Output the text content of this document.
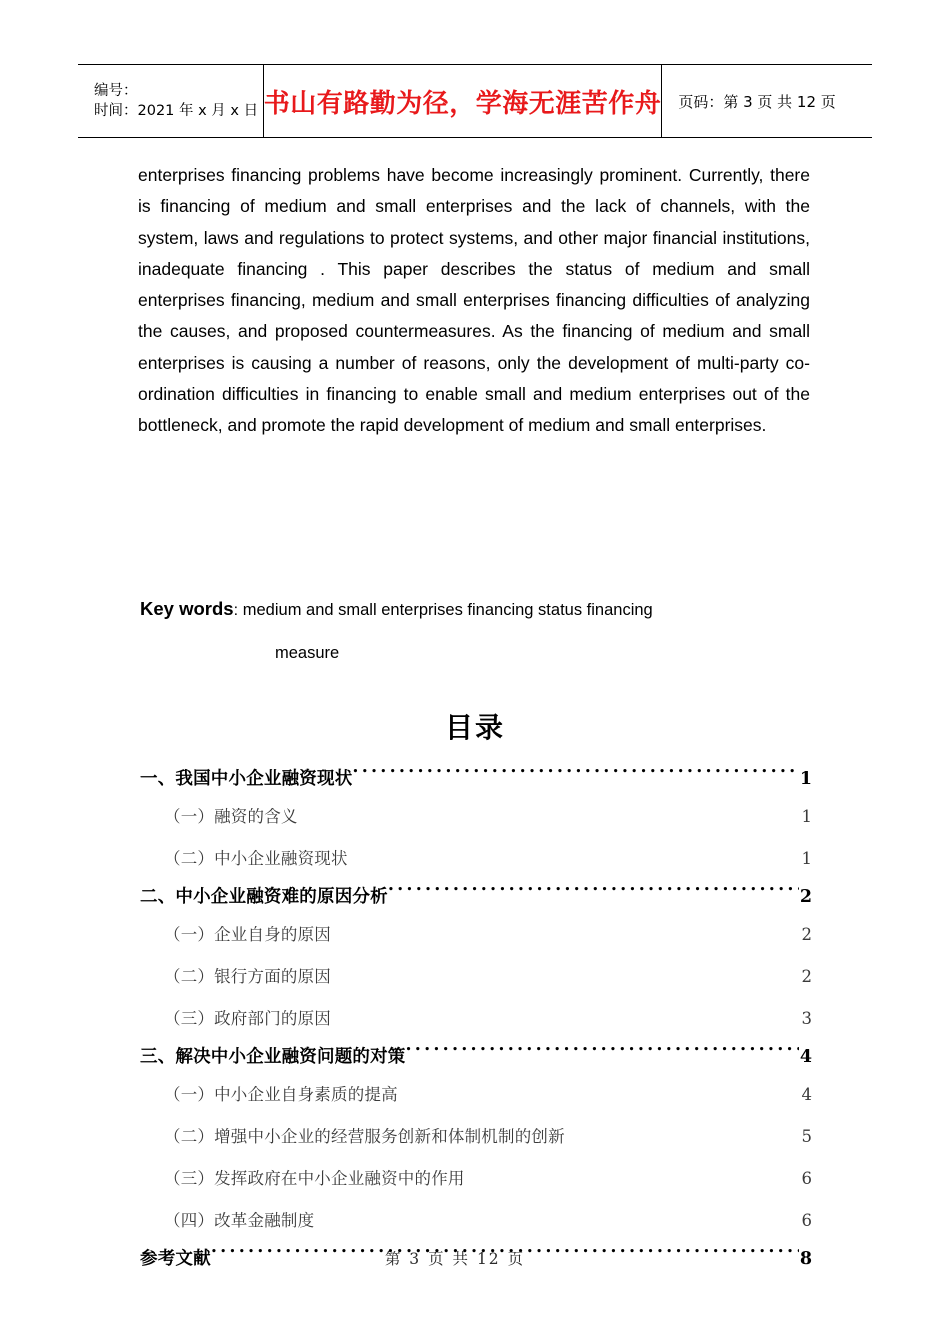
编号：
时间：2021 年 x 月 x 日 书山有路勤为径，学海无涯苦作舟 页码：第 3 页 共 12 页
enterprises financing problems have become increasingly prominent. Currently, there is financing of medium and small enterprises and the lack of channels, with the system, laws and regulations to protect systems, and other major financial institutions, inadequate financing . This paper describes the status of medium and small enterprises financing, medium and small enterprises financing difficulties of analyzing the causes, and proposed countermeasures. As the financing of medium and small enterprises is causing a number of reasons, only the development of multi-party co-ordination difficulties in financing to enable small and medium enterprises out of the bottleneck, and promote the rapid development of medium and small enterprises.
Key words: medium and small enterprises financing status financing
measure
目录
一、我国中小企业融资现状 .....	1
（一）融资的含义 .....	1
（二）中小企业融资现状 .....	1
二、中小企业融资难的原因分析 .....	2
（一）企业自身的原因 .....	2
（二）银行方面的原因 .....	2
（三）政府部门的原因 .....	3
三、解决中小企业融资问题的对策 .....	4
（一）中小企业自身素质的提高 .....	4
（二）增强中小企业的经营服务创新和体制机制的创新 .....	5
（三）发挥政府在中小企业融资中的作用 .....	6
（四）改革金融制度 .....	6
参考文献 .....	8
第 3 页 共 12 页
